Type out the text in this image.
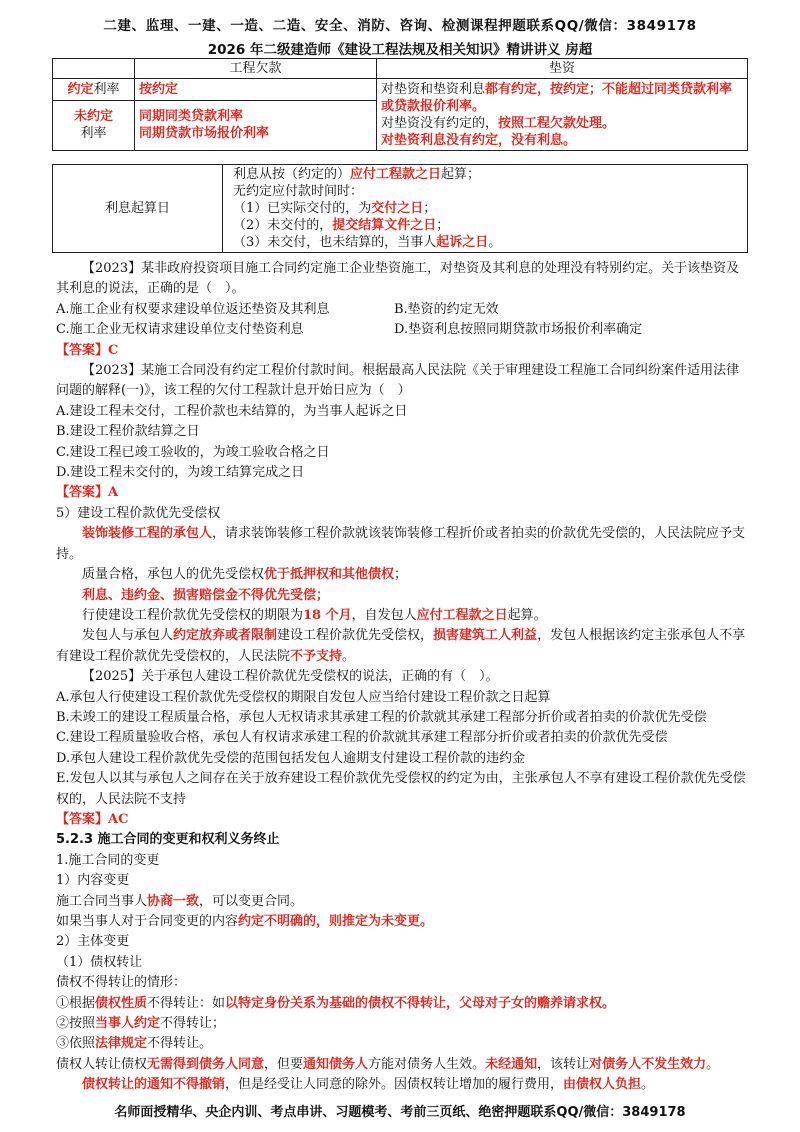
二建、监理、一建、一造、二造、安全、消防、咨询、检测课程押题联系QQ/微信：3849178
2026 年二级建造师《建设工程法规及相关知识》精讲讲义 房超
	工程欠款	垫资
约定利率	按约定	对垫资和垫资利息都有约定，按约定；不能超过同类贷款利率或贷款报价利率。
对垫资没有约定的，按照工程欠款处理。
对垫资利息没有约定，没有利息。
未约定
利率	同期同类贷款利率
同期贷款市场报价利率	
利息起算日	利息从按（约定的）应付工程款之日起算；
无约定应付款时间时：
（1）已实际交付的，为交付之日；
（2）未交付的，提交结算文件之日；
（3）未交付，也未结算的，当事人起诉之日。

【2023】某非政府投资项目施工合同约定施工企业垫资施工，对垫资及其利息的处理没有特别约定。关于该垫资及其利息的说法，正确的是（　）。

A.施工企业有权要求建设单位返还垫资及其利息	B.垫资的约定无效

C.施工企业无权请求建设单位支付垫资利息	D.垫资利息按照同期贷款市场报价利率确定

【答案】C

【2023】某施工合同没有约定工程价付款时间。根据最高人民法院《关于审理建设工程施工合同纠纷案件适用法律问题的解释(一)》，该工程的欠付工程款计息开始日应为（　）

A.建设工程未交付，工程价款也未结算的，为当事人起诉之日

B.建设工程价款结算之日

C.建设工程已竣工验收的，为竣工验收合格之日

D.建设工程未交付的，为竣工结算完成之日

【答案】A

5）建设工程价款优先受偿权

装饰装修工程的承包人，请求装饰装修工程价款就该装饰装修工程折价或者拍卖的价款优先受偿的，人民法院应予支持。

质量合格，承包人的优先受偿权优于抵押权和其他债权；

利息、违约金、损害赔偿金不得优先受偿；

行使建设工程价款优先受偿权的期限为18 个月，自发包人应付工程款之日起算。

发包人与承包人约定放弃或者限制建设工程价款优先受偿权，损害建筑工人利益，发包人根据该约定主张承包人不享有建设工程价款优先受偿权的，人民法院不予支持。

【2025】关于承包人建设工程价款优先受偿权的说法，正确的有（　）。

A.承包人行使建设工程价款优先受偿权的期限自发包人应当给付建设工程价款之日起算

B.未竣工的建设工程质量合格，承包人无权请求其承建工程的价款就其承建工程部分折价或者拍卖的价款优先受偿

C.建设工程质量验收合格，承包人有权请求承建工程的价款就其承建工程部分折价或者拍卖的价款优先受偿

D.承包人建设工程价款优先受偿的范围包括发包人逾期支付建设工程价款的违约金

E.发包人以其与承包人之间存在关于放弃建设工程价款优先受偿权的约定为由，主张承包人不享有建设工程价款优先受偿权的，人民法院不支持

【答案】AC

5.2.3 施工合同的变更和权利义务终止

1.施工合同的变更

1）内容变更

施工合同当事人协商一致，可以变更合同。

如果当事人对于合同变更的内容约定不明确的，则推定为未变更。

2）主体变更

（1）债权转让

债权不得转让的情形：

①根据债权性质不得转让：如以特定身份关系为基础的债权不得转让，父母对子女的赡养请求权。

②按照当事人约定不得转让；

③依照法律规定不得转让。

债权人转让债权无需得到债务人同意，但要通知债务人方能对债务人生效。未经通知，该转让对债务人不发生效力。

债权转让的通知不得撤销，但是经受让人同意的除外。因债权转让增加的履行费用，由债权人负担。

名师面授精华、央企内训、考点串讲、习题模考、考前三页纸、绝密押题联系QQ/微信：3849178
